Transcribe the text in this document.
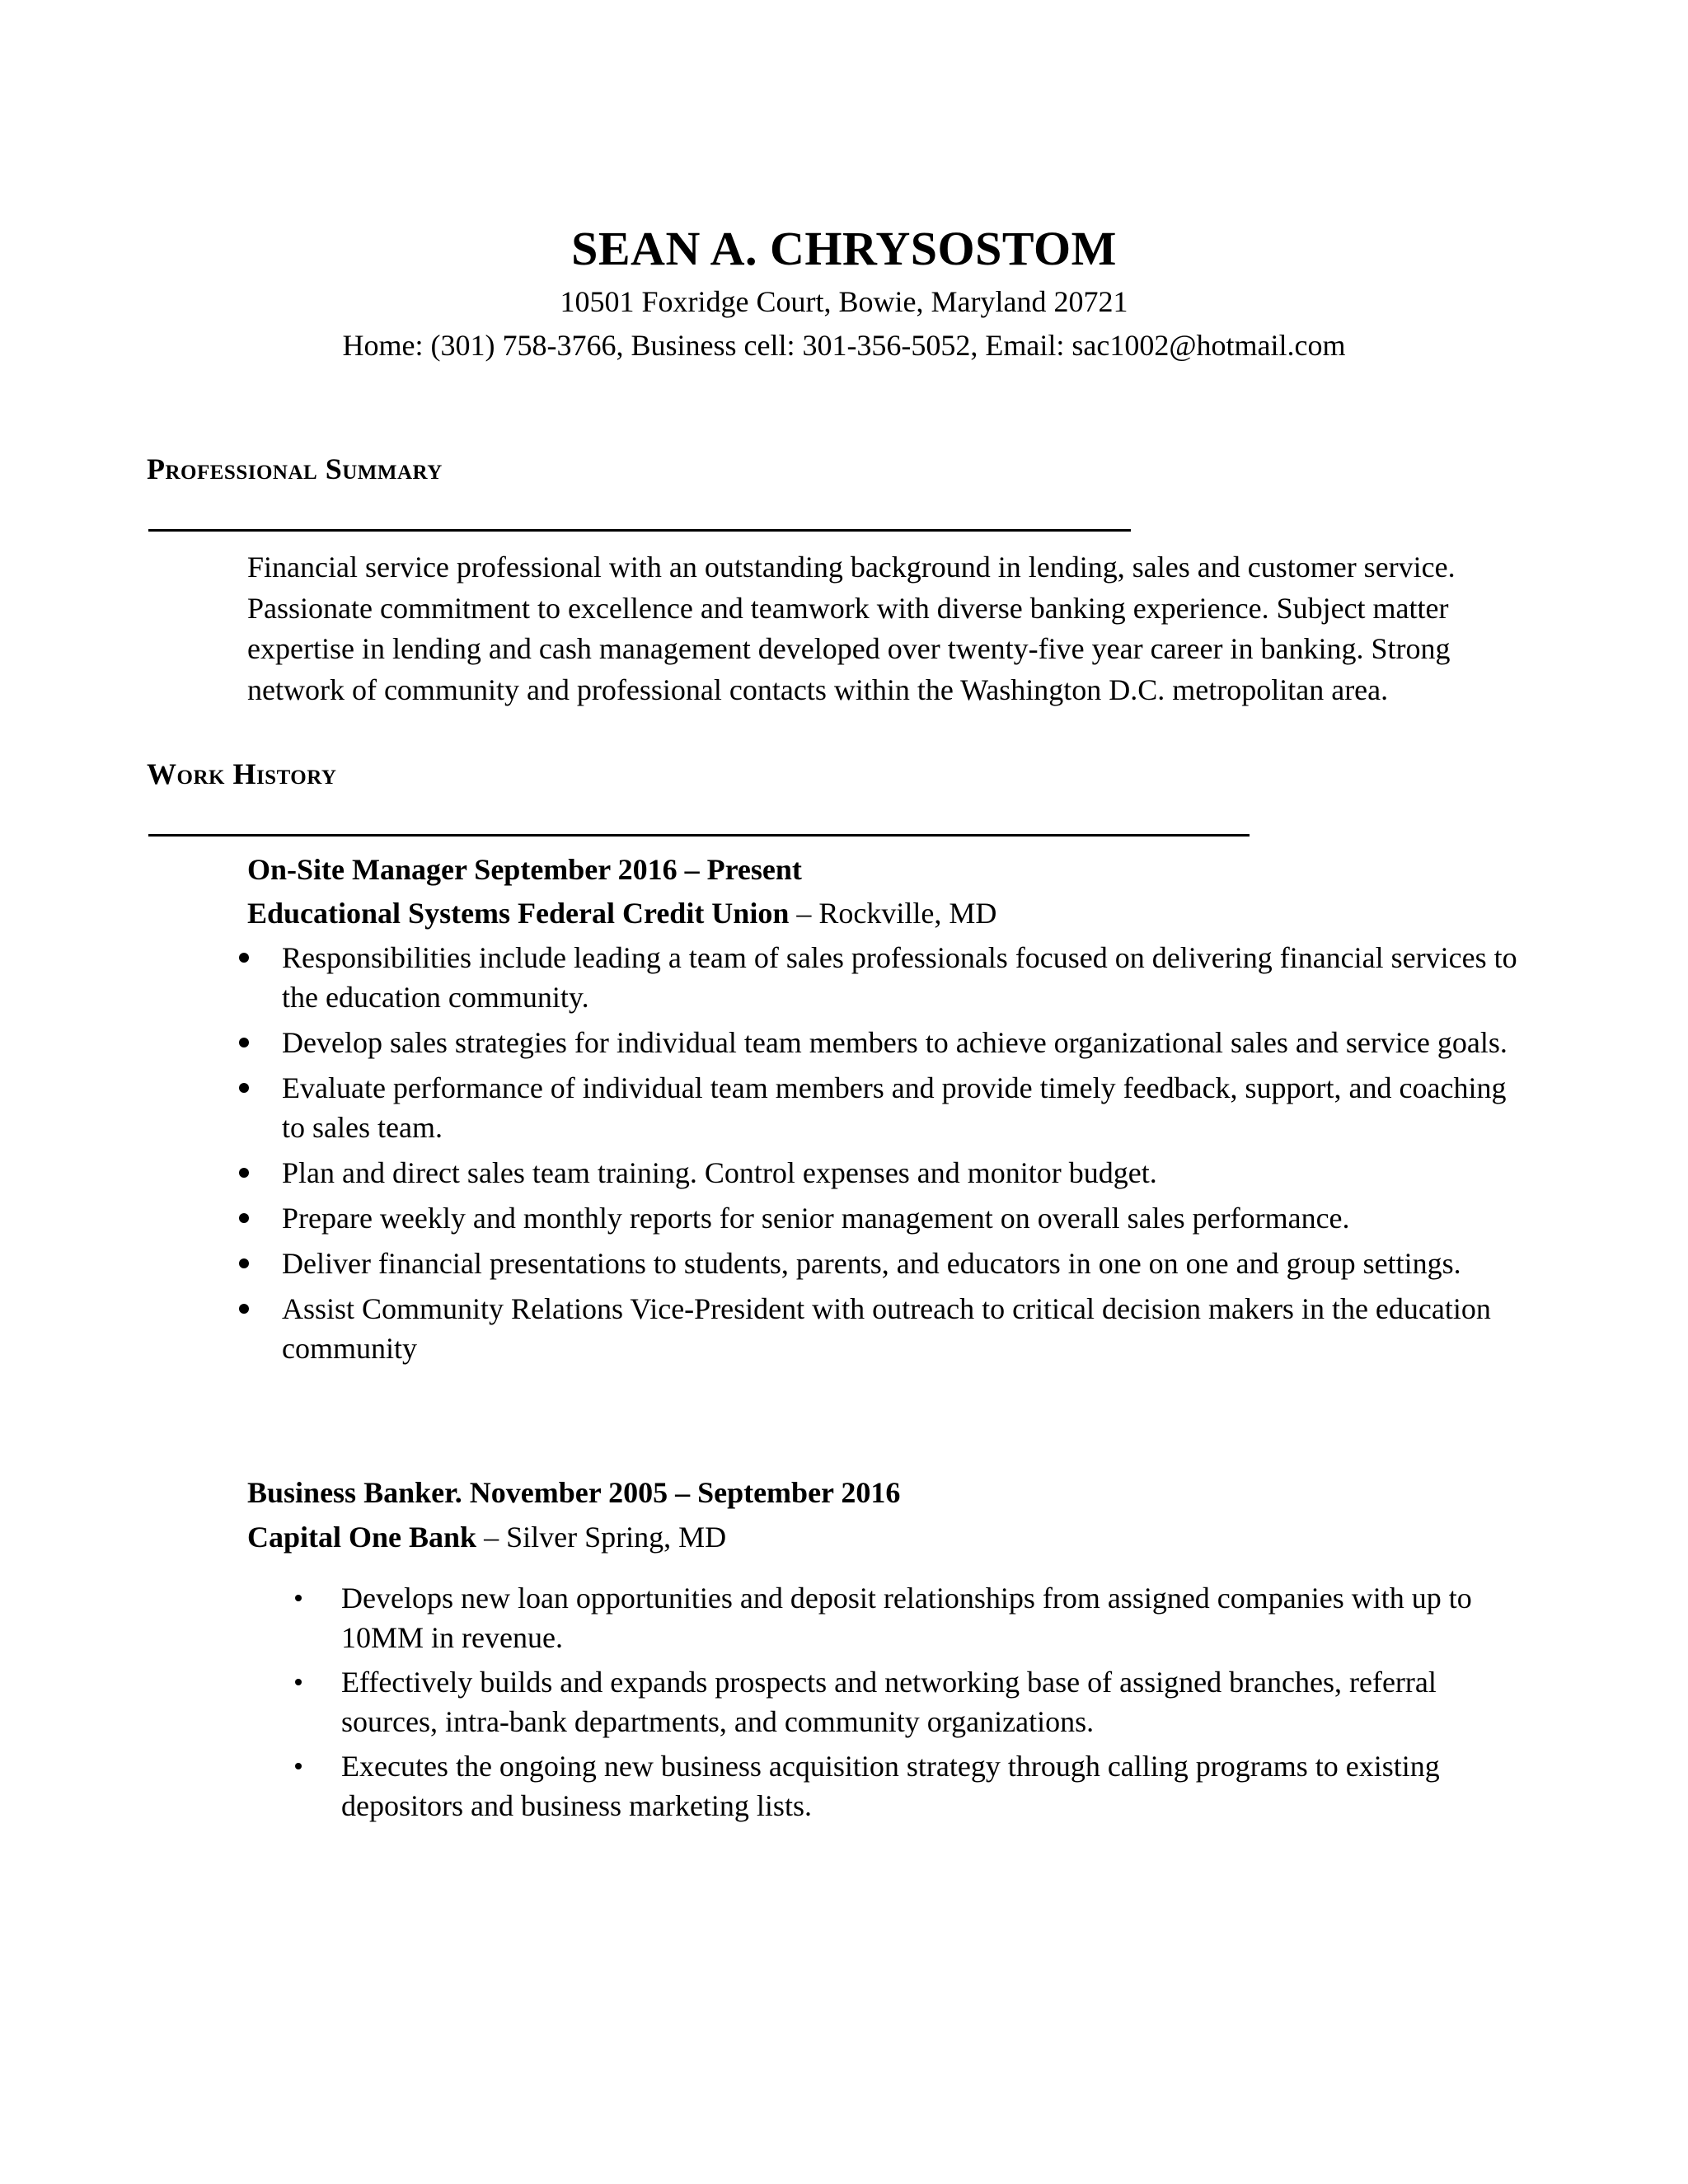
SEAN A. CHRYSOSTOM
10501 Foxridge Court, Bowie, Maryland 20721
Home: (301) 758-3766, Business cell: 301-356-5052, Email: sac1002@hotmail.com
Professional Summary
Financial service professional with an outstanding background in lending, sales and customer service. Passionate commitment to excellence and teamwork with diverse banking experience. Subject matter expertise in lending and cash management developed over twenty-five year career in banking. Strong network of community and professional contacts within the Washington D.C. metropolitan area.
Work History
On-Site Manager September 2016 – Present
Educational Systems Federal Credit Union – Rockville, MD
Responsibilities include leading a team of sales professionals focused on delivering financial services to the education community.
Develop sales strategies for individual team members to achieve organizational sales and service goals.
Evaluate performance of individual team members and provide timely feedback, support, and coaching to sales team.
Plan and direct sales team training. Control expenses and monitor budget.
Prepare weekly and monthly reports for senior management on overall sales performance.
Deliver financial presentations to students, parents, and educators in one on one and group settings.
Assist Community Relations Vice-President with outreach to critical decision makers in the education community
Business Banker. November 2005 – September 2016
Capital One Bank – Silver Spring, MD
Develops new loan opportunities and deposit relationships from assigned companies with up to 10MM in revenue.
Effectively builds and expands prospects and networking base of assigned branches, referral sources, intra-bank departments, and community organizations.
Executes the ongoing new business acquisition strategy through calling programs to existing depositors and business marketing lists.
